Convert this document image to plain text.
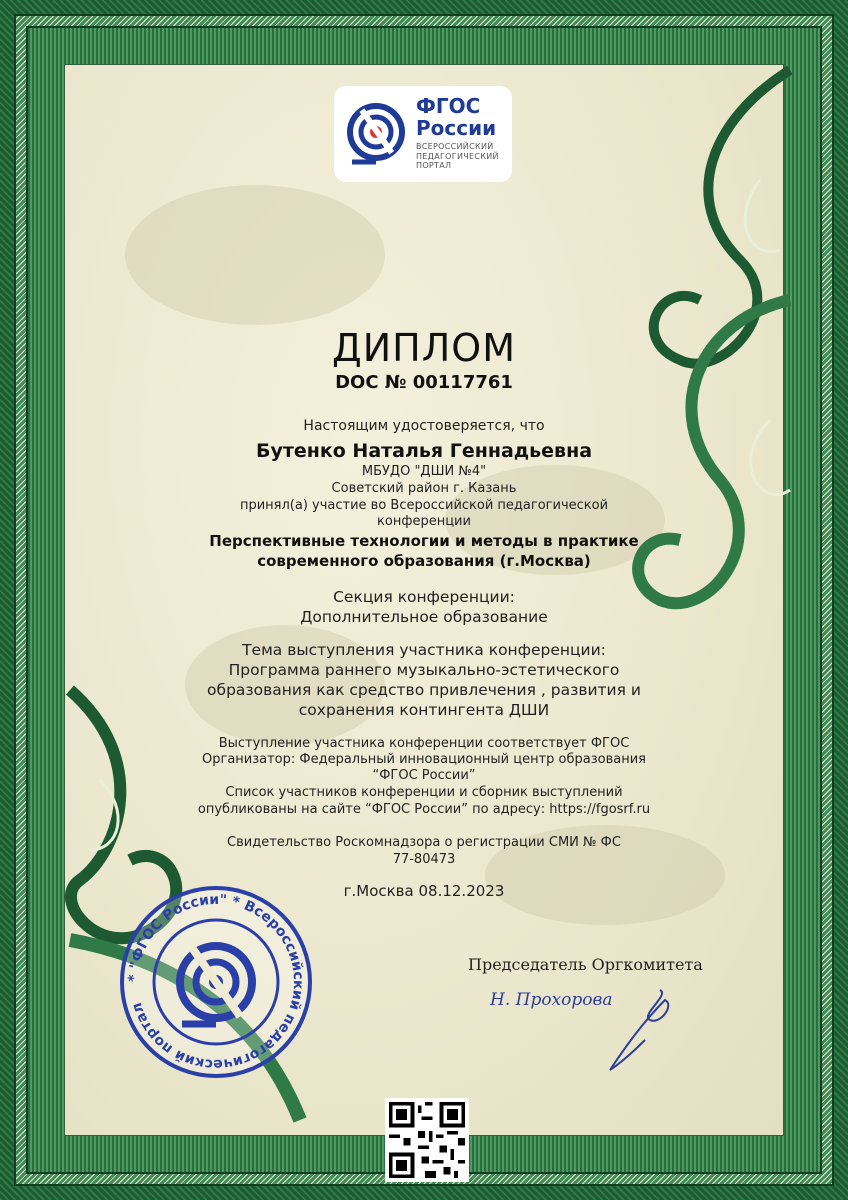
ФГОС
России
ВСЕРОССИЙСКИЙ
ПЕДАГОГИЧЕСКИЙ
ПОРТАЛ
ДИПЛОМ
DOC № 00117761
Настоящим удостоверяется, что
Бутенко Наталья Геннадьевна
МБУДО "ДШИ №4"
Советский район г. Казань
принял(а) участие во Всероссийской педагогической
конференции
Перспективные технологии и методы в практике
современного образования (г.Москва)
Секция конференции:
Дополнительное образование
Тема выступления участника конференции:
Программа раннего музыкально-эстетического
образования как средство привлечения , развития и
сохранения контингента ДШИ
Выступление участника конференции соответствует ФГОС
Организатор: Федеральный инновационный центр образования
“ФГОС России”
Список участников конференции и сборник выступлений
опубликованы на сайте “ФГОС России” по адресу: https://fgosrf.ru
Свидетельство Роскомнадзора о регистрации СМИ № ФС
77-80473
г.Москва 08.12.2023
* "ФГОС России" * Всероссийский педагогический портал
Председатель Оргкомитета
Н. Прохорова
